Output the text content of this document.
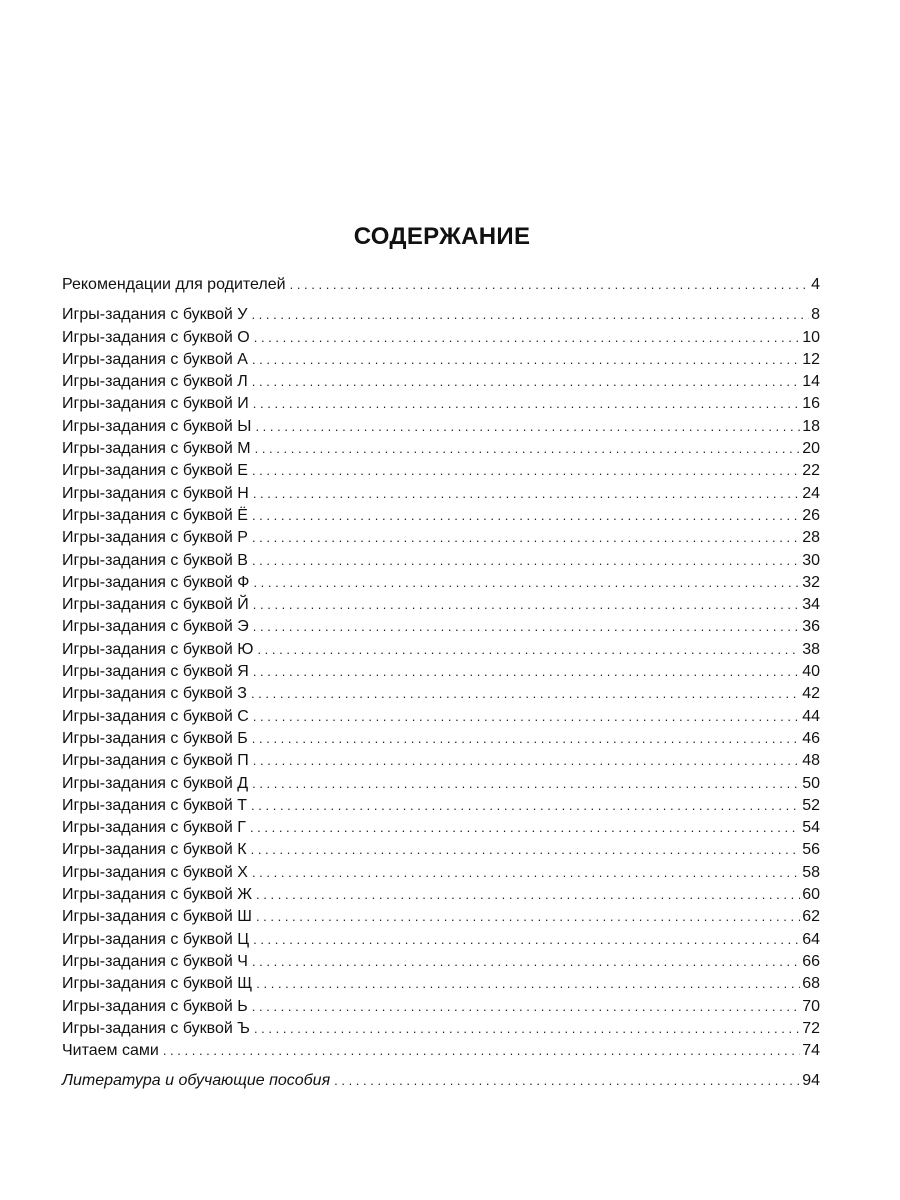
СОДЕРЖАНИЕ
Рекомендации для родителей . . .	4
Игры-задания с буквой У . . .	8
Игры-задания с буквой О . . .	10
Игры-задания с буквой А . . .	12
Игры-задания с буквой Л . . .	14
Игры-задания с буквой И . . .	16
Игры-задания с буквой Ы . . .	18
Игры-задания с буквой М . . .	20
Игры-задания с буквой Е . . .	22
Игры-задания с буквой Н . . .	24
Игры-задания с буквой Ё . . .	26
Игры-задания с буквой Р . . .	28
Игры-задания с буквой В . . .	30
Игры-задания с буквой Ф . . .	32
Игры-задания с буквой Й . . .	34
Игры-задания с буквой Э . . .	36
Игры-задания с буквой Ю . . .	38
Игры-задания с буквой Я . . .	40
Игры-задания с буквой З . . .	42
Игры-задания с буквой С . . .	44
Игры-задания с буквой Б . . .	46
Игры-задания с буквой П . . .	48
Игры-задания с буквой Д . . .	50
Игры-задания с буквой Т . . .	52
Игры-задания с буквой Г . . .	54
Игры-задания с буквой К . . .	56
Игры-задания с буквой Х . . .	58
Игры-задания с буквой Ж . . .	60
Игры-задания с буквой Ш . . .	62
Игры-задания с буквой Ц . . .	64
Игры-задания с буквой Ч . . .	66
Игры-задания с буквой Щ . . .	68
Игры-задания с буквой Ь . . .	70
Игры-задания с буквой Ъ . . .	72
Читаем сами . . .	74
Литература и обучающие пособия . . .	94
